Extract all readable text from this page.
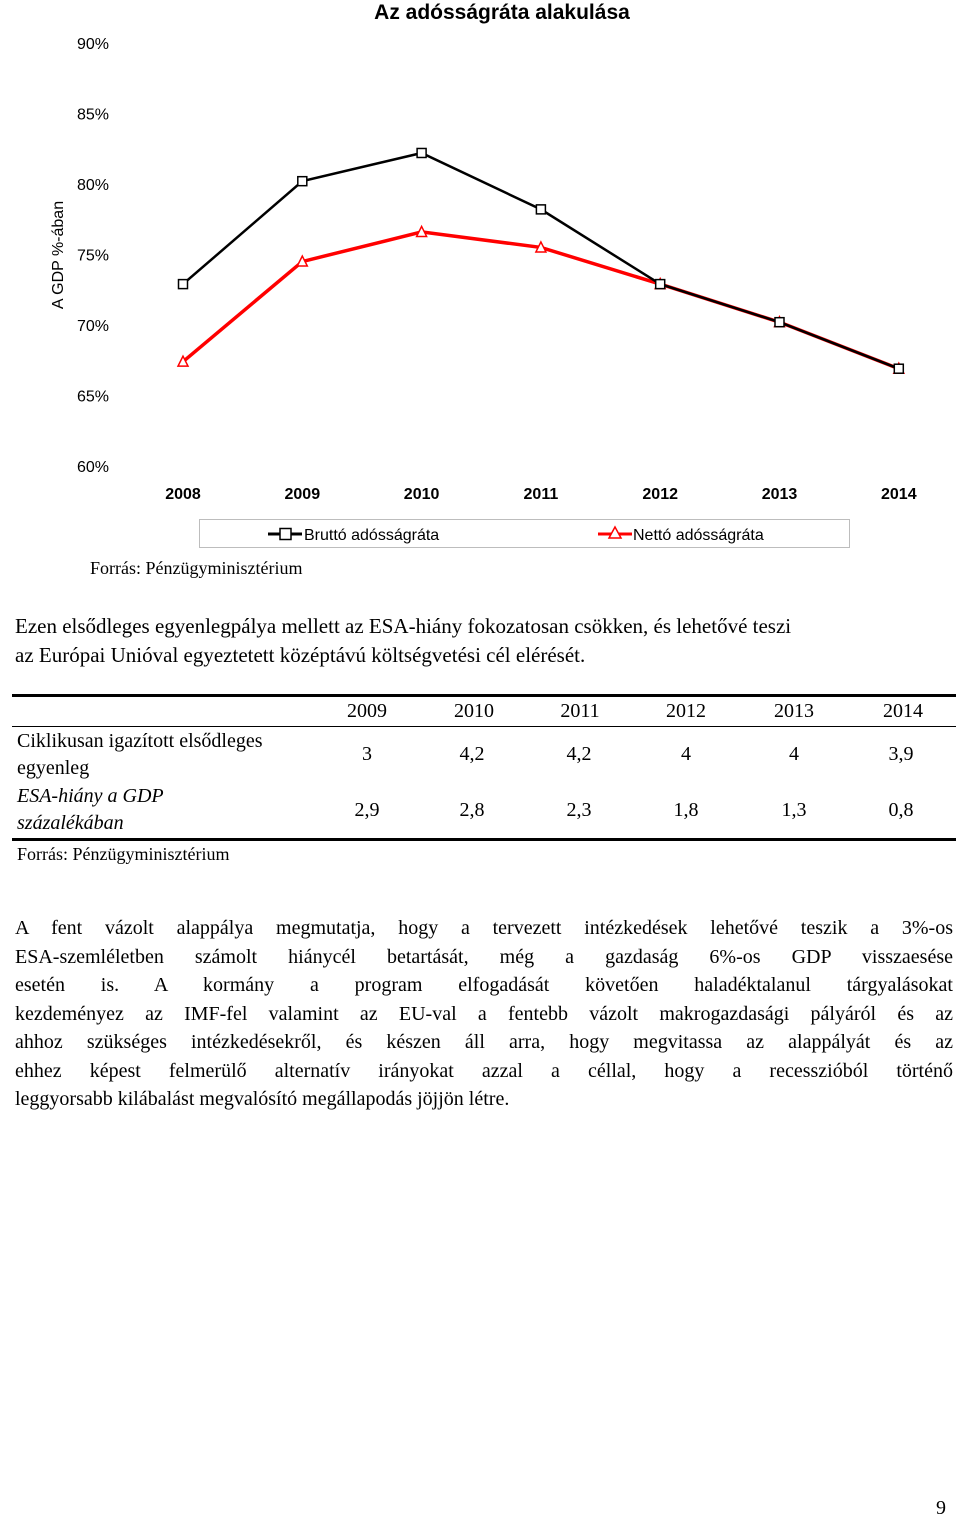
Az adósságráta alakulása
A GDP %-ában
90%
85%
80%
75%
70%
65%
60%
2008	2009	2010	2011	2012	2013	2014
Bruttó adósságráta	Nettó adósságráta
Forrás: Pénzügyminisztérium
Ezen elsődleges egyenlegpálya mellett az ESA-hiány fokozatosan csökken, és lehetővé teszi
az Európai Unióval egyeztetett középtávú költségvetési cél elérését.
2009	2010	2011	2012	2013	2014
Ciklikusan igazított elsődleges
egyenleg
3	4,2	4,2	4	4	3,9
ESA-hiány a GDP
százalékában
2,9	2,8	2,3	1,8	1,3	0,8
Forrás: Pénzügyminisztérium
A fent vázolt alappálya megmutatja, hogy a tervezett intézkedések lehetővé teszik a 3%-os
ESA-szemléletben számolt hiánycél betartását, még a gazdaság 6%-os GDP visszaesése
esetén is. A kormány a program elfogadását követően haladéktalanul tárgyalásokat
kezdeményez az IMF-fel valamint az EU-val a fentebb vázolt makrogazdasági pályáról és az
ahhoz szükséges intézkedésekről, és készen áll arra, hogy megvitassa az alappályát és az
ehhez képest felmerülő alternatív irányokat azzal a céllal, hogy a recesszióból történő
leggyorsabb kilábalást megvalósító megállapodás jöjjön létre.
9
